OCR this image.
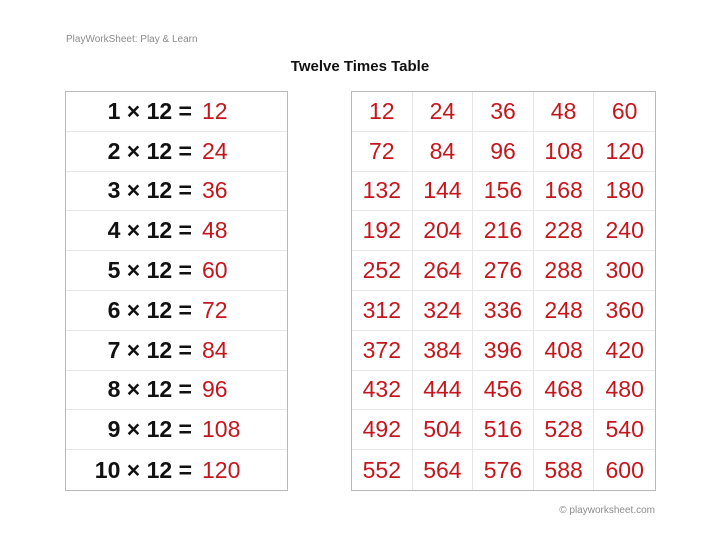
PlayWorkSheet: Play & Learn
Twelve Times Table
1 × 12 = 12
2 × 12 = 24
3 × 12 = 36
4 × 12 = 48
5 × 12 = 60
6 × 12 = 72
7 × 12 = 84
8 × 12 = 96
9 × 12 = 108
10 × 12 = 120
12	24	36	48	60
72	84	96	108 120
132 144 156 168 180
192 204 216 228 240
252 264 276 288 300
312 324 336 248 360
372 384 396 408 420
432 444 456 468 480
492 504 516 528 540
552 564 576 588 600
© playworksheet.com
